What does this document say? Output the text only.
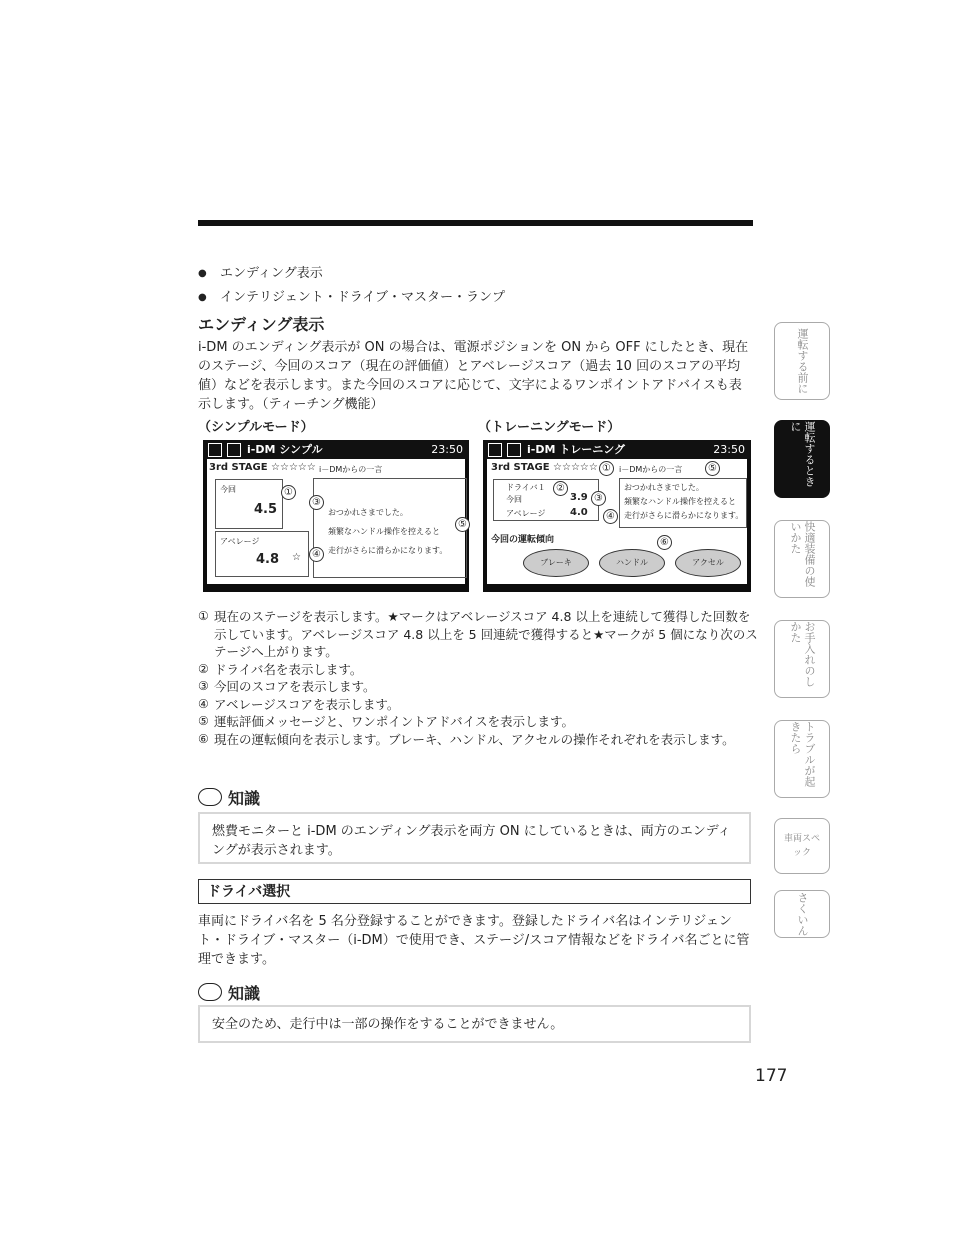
● エンディング表示
● インテリジェント・ドライブ・マスター・ランプ
エンディング表示
i-DM のエンディング表示が ON の場合は、電源ポジションを ON から OFF にしたとき、現在のステージ、今回のスコア（現在の評価値）とアベレージスコア（過去 10 回のスコアの平均値）などを表示します。また今回のスコアに応じて、文字によるワンポイントアドバイスも表示します。（ティーチング機能）
（シンプルモード）	（トレーニングモード）
i-DM シンプル	23:50
3rd STAGE ☆☆☆☆☆ i－DMからの一言
今回
4.5
アベレージ
4.8 ☆
おつかれさまでした。
頻繁なハンドル操作を控えると
走行がさらに滑らかになります。
①
③
④
⑤
i-DM トレーニング	23:50
3rd STAGE ☆☆☆☆☆	i－DMからの一言
ドライバ１
今回	3.9
アベレージ 4.0
おつかれさまでした。
頻繁なハンドル操作を控えると
走行がさらに滑らかになります。
今回の運転傾向
ブレーキ	ハンドル	アクセル
①
②
③
④
⑤
⑥
① 現在のステージを表示します。★マークはアベレージスコア 4.8 以上を連続して獲得した回数を示しています。アベレージスコア 4.8 以上を 5 回連続で獲得すると★マークが 5 個になり次のステージへ上がります。
② ドライバ名を表示します。
③ 今回のスコアを表示します。
④ アベレージスコアを表示します。
⑤ 運転評価メッセージと、ワンポイントアドバイスを表示します。
⑥ 現在の運転傾向を表示します。ブレーキ、ハンドル、アクセルの操作それぞれを表示します。
知識
燃費モニターと i-DM のエンディング表示を両方 ON にしているときは、両方のエンディングが表示されます。
ドライバ選択
車両にドライバ名を 5 名分登録することができます。登録したドライバ名はインテリジェント・ドライブ・マスター（i-DM）で使用でき、ステージ/スコア情報などをドライバ名ごとに管理できます。
知識
安全のため、走行中は一部の操作をすることができません。
運転する前に
運転するときに
快適装備の使いかた
お手入れのしかた
トラブルが起きたら
車両スペック
さくいん
177
